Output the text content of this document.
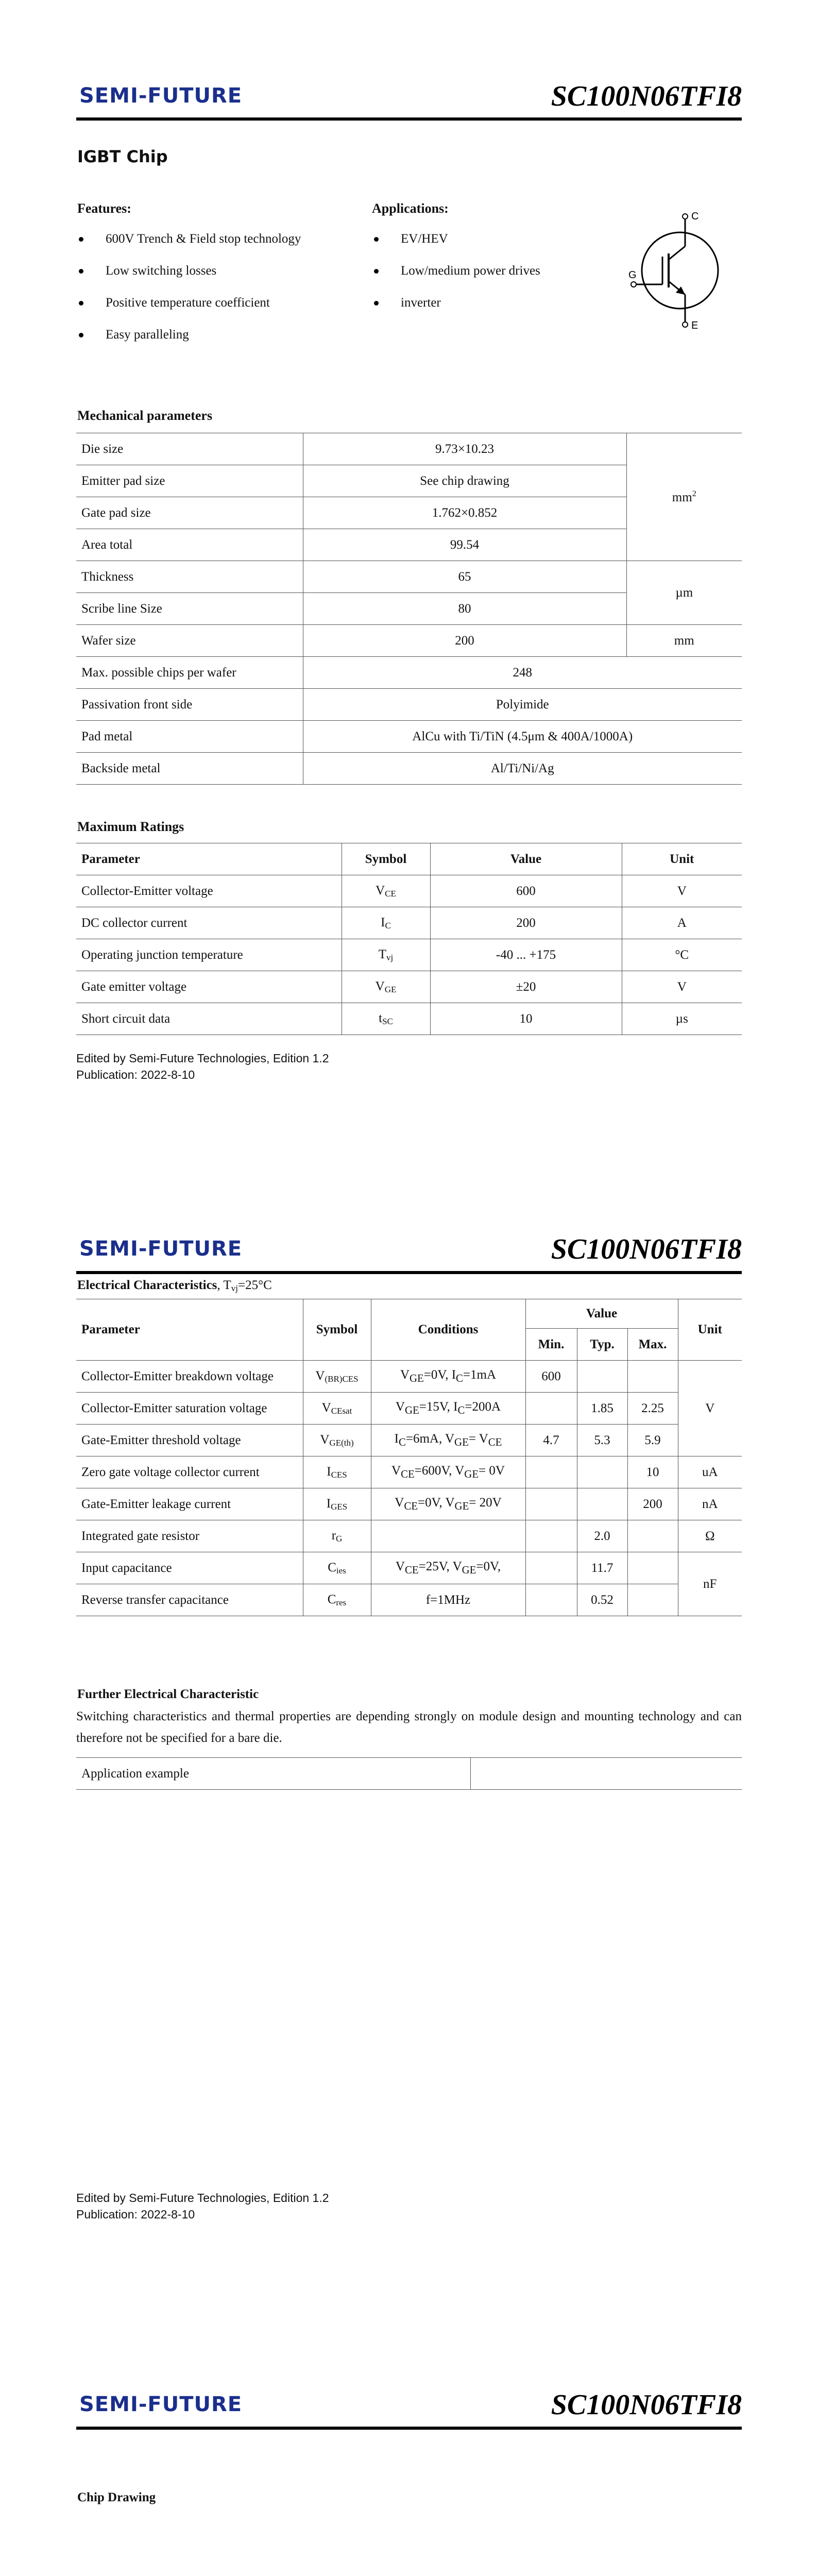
SEMI-FUTURE	SC100N06TFI8
IGBT Chip
Features:
600V Trench & Field stop technology
Low switching losses
Positive temperature coefficient
Easy paralleling
Applications:
EV/HEV
Low/medium power drives
inverter
C
G
E
Mechanical parameters
Die size	9.73×10.23	$mm^2$
Emitter pad size	See chip drawing	
Gate pad size	1.762×0.852	
Area total	99.54	
Thickness	65	µm
Scribe line Size	80	
Wafer size	200	mm
Max. possible chips per wafer	248	
Passivation front side	Polyimide	
Pad metal	AlCu with Ti/TiN (4.5μm & 400A/1000A)	
Backside metal	Al/Ti/Ni/Ag	
Maximum Ratings
Parameter	Symbol	Value	Unit
Collector-Emitter voltage	$V_{CE}$	600	V
DC collector current	$I_C$	200	A
Operating junction temperature	$T_{vj}$	-40 ... +175	°C
Gate emitter voltage	$V_{GE}$	±20	V
Short circuit data	$t_{SC}$	10	µs
Edited by Semi-Future Technologies, Edition 1.2
Publication: 2022-8-10
SEMI-FUTURE	SC100N06TFI8
Electrical Characteristics, $T_{vj}=25^\circ C$
Parameter	Symbol	Conditions	Value			Unit
			Min.	Typ.	Max.	
Collector-Emitter breakdown voltage	$V_{(BR)CES}$	$V_{GE}=0V$, $I_C=1mA$	600			V
Collector-Emitter saturation voltage	$V_{CEsat}$	$V_{GE}=15V$, $I_C=200A$		1.85	2.25	
Gate-Emitter threshold voltage	$V_{GE(th)}$	$I_C=6mA$, $V_{GE}= V_{CE}$	4.7	5.3	5.9	
Zero gate voltage collector current	$I_{CES}$	$V_{CE}=600V$, $V_{GE}= 0V$			10	uA
Gate-Emitter leakage current	$I_{GES}$	$V_{CE}=0V$, $V_{GE}= 20V$			200	nA
Integrated gate resistor	$r_G$			2.0		Ω
Input capacitance	$C_{ies}$	$V_{CE}=25V$, $V_{GE}=0V$,		11.7		nF
Reverse transfer capacitance	$C_{res}$	f=1MHz		0.52		
Further Electrical Characteristic
Switching characteristics and thermal properties are depending strongly on module design and mounting technology and can therefore not be specified for a bare die.
Application example	
Edited by Semi-Future Technologies, Edition 1.2
Publication: 2022-8-10
SEMI-FUTURE	SC100N06TFI8
Chip Drawing
